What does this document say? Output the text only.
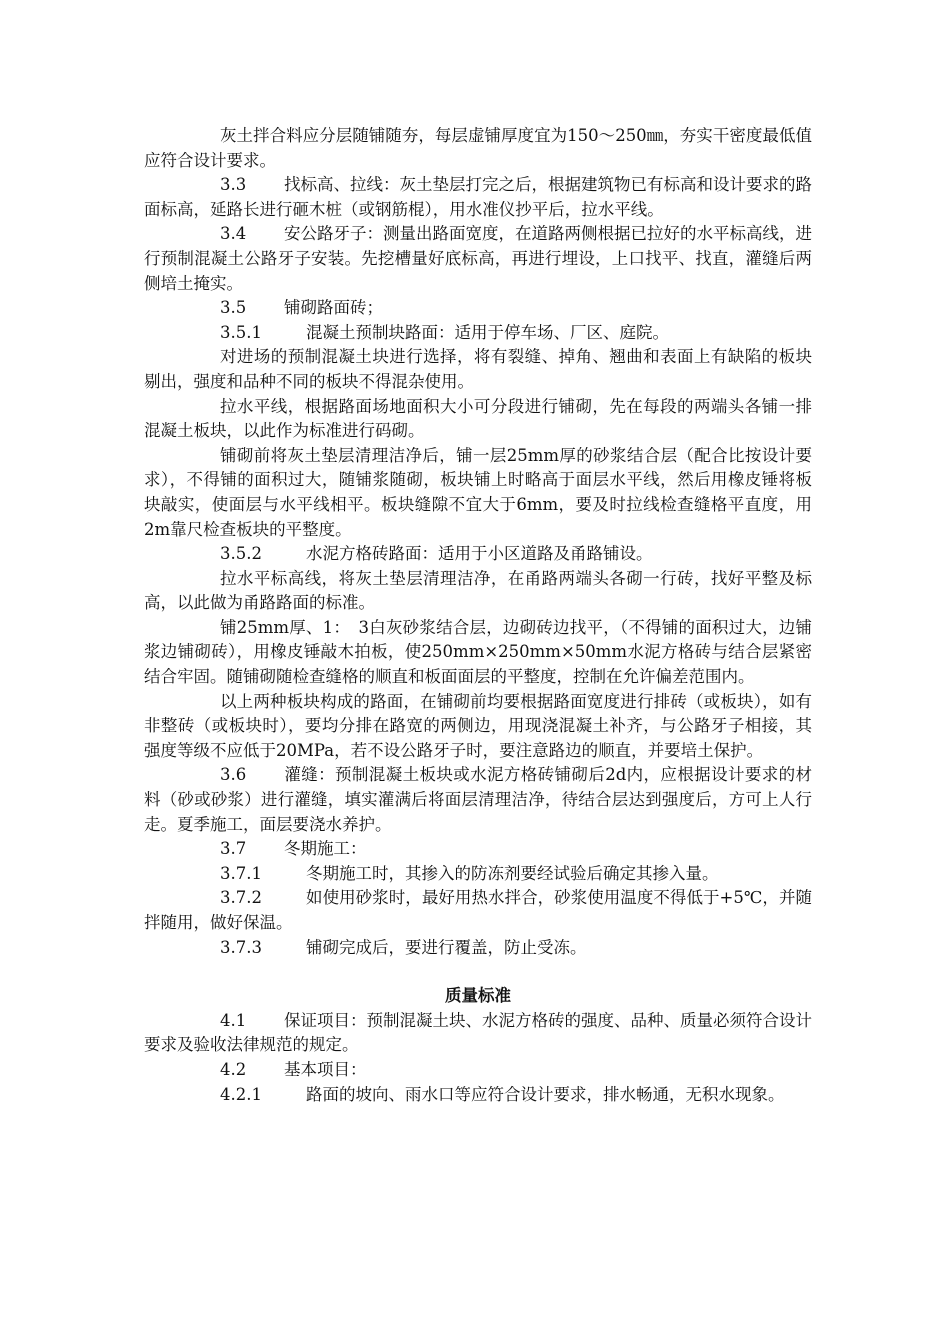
灰土拌合料应分层随铺随夯，每层虚铺厚度宜为150～250㎜，夯实干密度最低值应符合设计要求。

3.3 找标高、拉线：灰土垫层打完之后，根据建筑物已有标高和设计要求的路面标高，延路长进行砸木桩（或钢筋棍），用水准仪抄平后，拉水平线。

3.4 安公路牙子：测量出路面宽度，在道路两侧根据已拉好的水平标高线，进行预制混凝土公路牙子安装。先挖槽量好底标高，再进行埋设，上口找平、找直，灌缝后两侧培土掩实。

3.5 铺砌路面砖；

3.5.1	混凝土预制块路面：适用于停车场、厂区、庭院。

对进场的预制混凝土块进行选择，将有裂缝、掉角、翘曲和表面上有缺陷的板块剔出，强度和品种不同的板块不得混杂使用。

拉水平线，根据路面场地面积大小可分段进行铺砌，先在每段的两端头各铺一排混凝土板块，以此作为标准进行码砌。

铺砌前将灰土垫层清理洁净后，铺一层25mm厚的砂浆结合层（配合比按设计要求），不得铺的面积过大，随铺浆随砌，板块铺上时略高于面层水平线，然后用橡皮锤将板块敲实，使面层与水平线相平。板块缝隙不宜大于6mm，要及时拉线检查缝格平直度，用2m靠尺检查板块的平整度。

3.5.2	水泥方格砖路面：适用于小区道路及甬路铺设。

拉水平标高线，将灰土垫层清理洁净，在甬路两端头各砌一行砖，找好平整及标高，以此做为甬路路面的标准。

铺25mm厚、1：　3白灰砂浆结合层，边砌砖边找平，（不得铺的面积过大，边铺浆边铺砌砖），用橡皮锤敲木拍板，使250mm×250mm×50mm水泥方格砖与结合层紧密结合牢固。随铺砌随检查缝格的顺直和板面面层的平整度，控制在允许偏差范围内。

以上两种板块构成的路面，在铺砌前均要根据路面宽度进行排砖（或板块），如有非整砖（或板块时），要均分排在路宽的两侧边，用现浇混凝土补齐，与公路牙子相接，其强度等级不应低于20MPa，若不设公路牙子时，要注意路边的顺直，并要培土保护。

3.6 灌缝：预制混凝土板块或水泥方格砖铺砌后2d内，应根据设计要求的材料（砂或砂浆）进行灌缝，填实灌满后将面层清理洁净，待结合层达到强度后，方可上人行走。夏季施工，面层要浇水养护。

3.7 冬期施工：

3.7.1	冬期施工时，其掺入的防冻剂要经试验后确定其掺入量。

3.7.2	如使用砂浆时，最好用热水拌合，砂浆使用温度不得低于+5℃，并随拌随用，做好保温。

3.7.3	铺砌完成后，要进行覆盖，防止受冻。

质量标准

4.1 保证项目：预制混凝土块、水泥方格砖的强度、品种、质量必须符合设计要求及验收法律规范的规定。

4.2 基本项目：

4.2.1	路面的坡向、雨水口等应符合设计要求，排水畅通，无积水现象。
